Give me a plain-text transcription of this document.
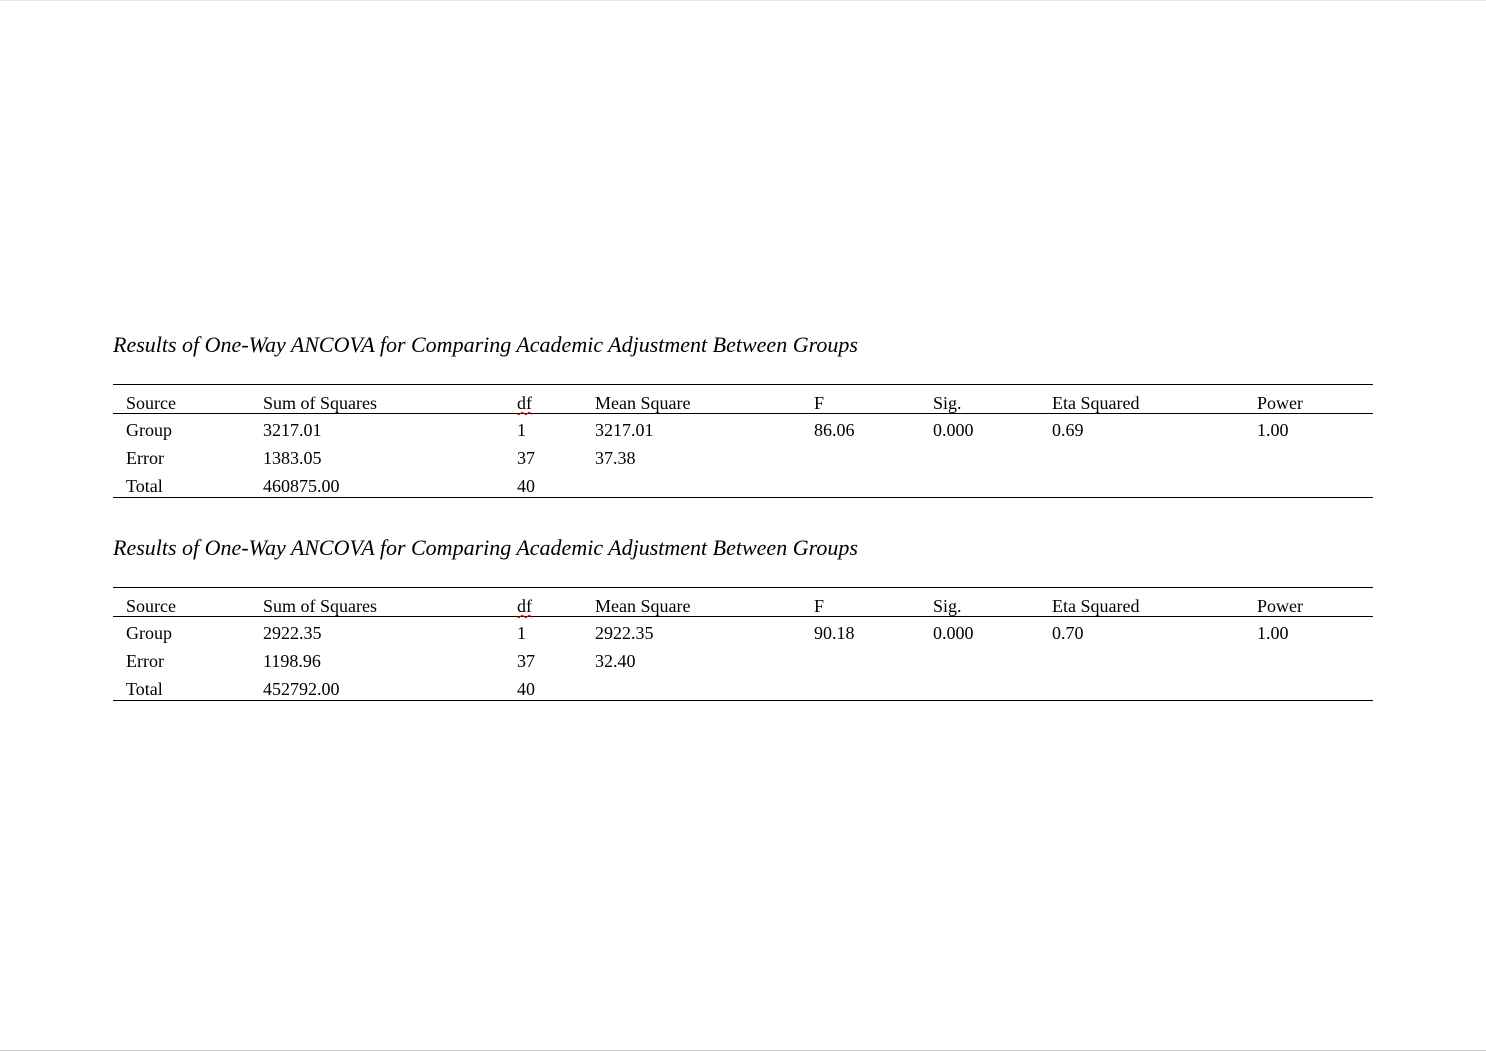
Results of One-Way ANCOVA for Comparing Academic Adjustment Between Groups
Source	Sum of Squares	df	Mean Square	F	Sig.	Eta Squared	Power
Group	3217.01	1	3217.01	86.06	0.000	0.69	1.00
Error	1383.05	37	37.38				
Total	460875.00	40					
Results of One-Way ANCOVA for Comparing Academic Adjustment Between Groups
Source	Sum of Squares	df	Mean Square	F	Sig.	Eta Squared	Power
Group	2922.35	1	2922.35	90.18	0.000	0.70	1.00
Error	1198.96	37	32.40				
Total	452792.00	40					
